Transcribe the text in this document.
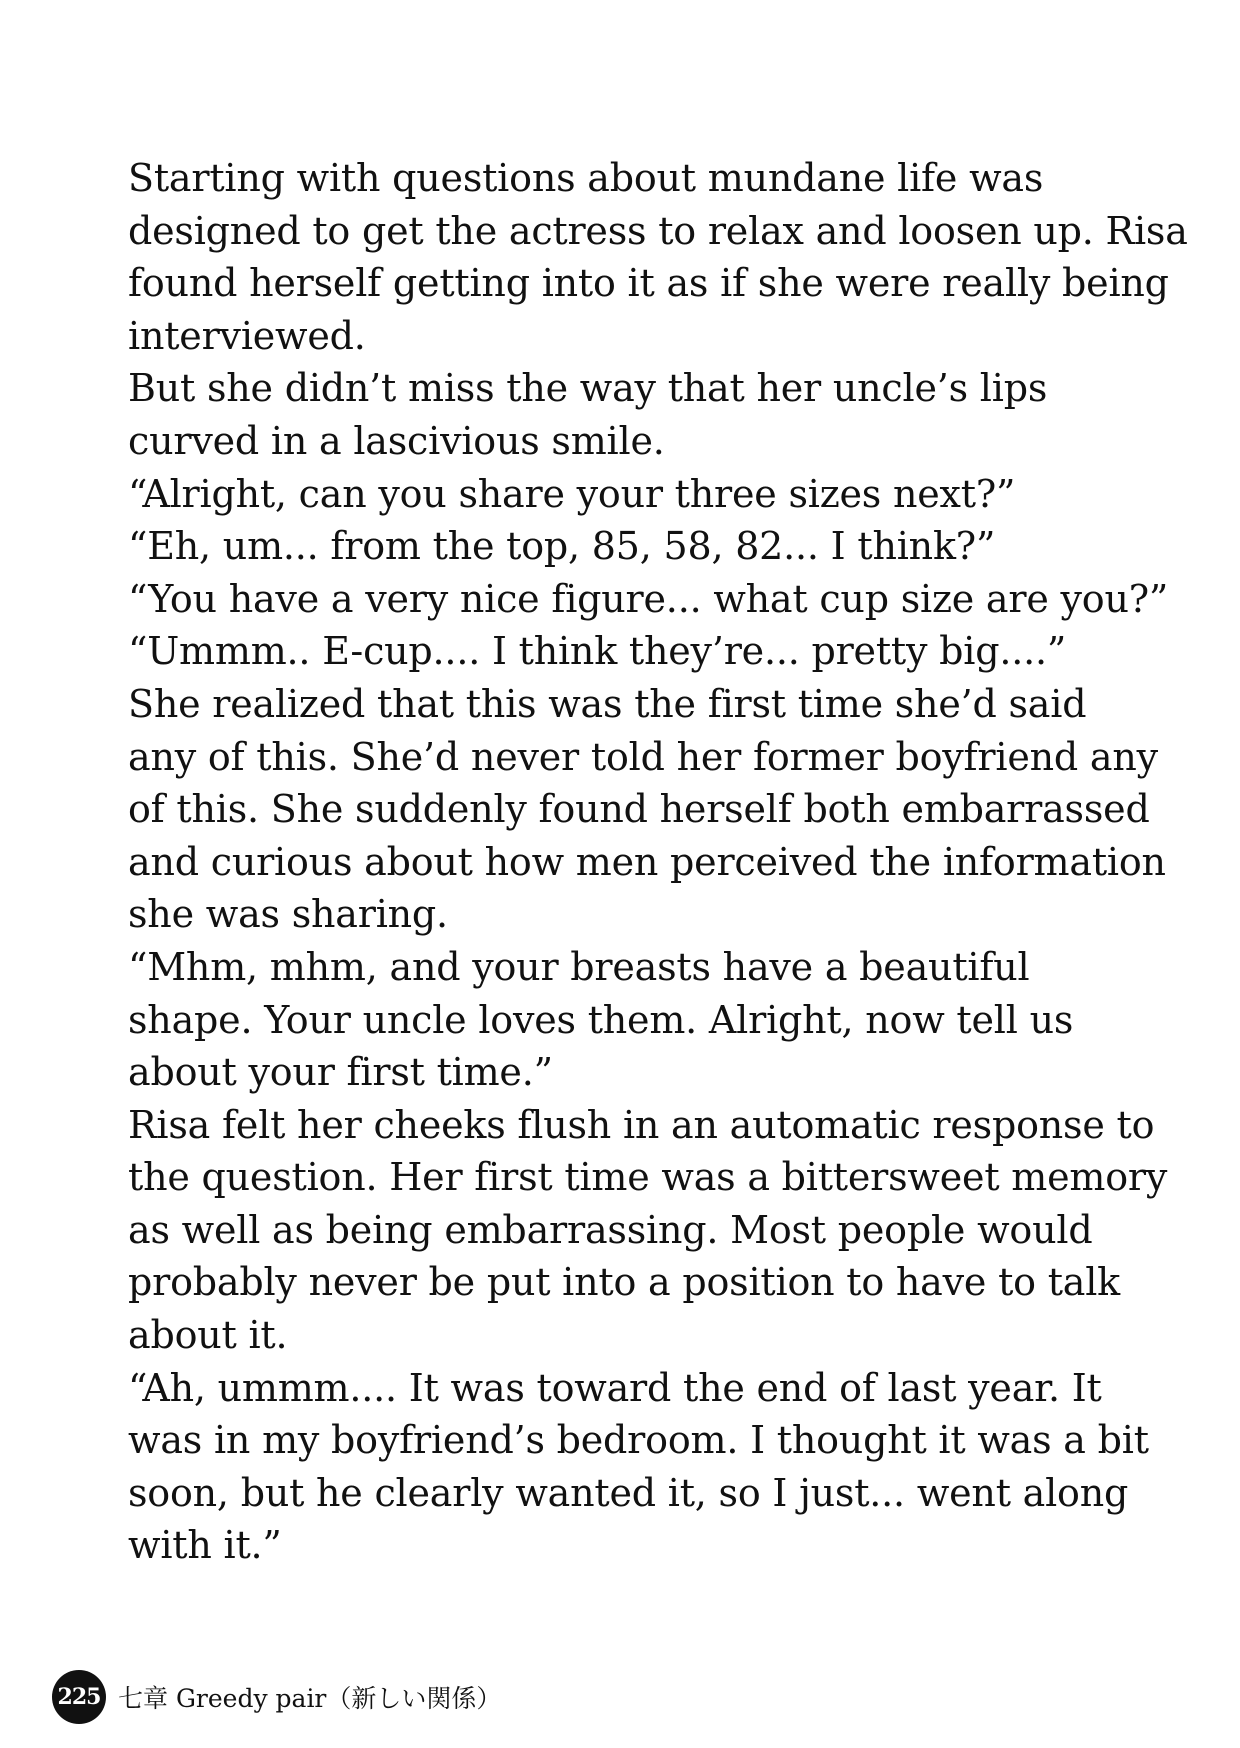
Starting with questions about mundane life was
designed to get the actress to relax and loosen up. Risa
found herself getting into it as if she were really being
interviewed.

But she didn’t miss the way that her uncle’s lips
curved in a lascivious smile.

“Alright, can you share your three sizes next?”

“Eh, um... from the top, 85, 58, 82... I think?”

“You have a very nice figure... what cup size are you?”

“Ummm.. E-cup.... I think they’re... pretty big....”

She realized that this was the first time she’d said
any of this. She’d never told her former boyfriend any
of this. She suddenly found herself both embarrassed
and curious about how men perceived the information
she was sharing.

“Mhm, mhm, and your breasts have a beautiful
shape. Your uncle loves them. Alright, now tell us
about your first time.”

Risa felt her cheeks flush in an automatic response to
the question. Her first time was a bittersweet memory
as well as being embarrassing. Most people would
probably never be put into a position to have to talk
about it.

“Ah, ummm.... It was toward the end of last year. It
was in my boyfriend’s bedroom. I thought it was a bit
soon, but he clearly wanted it, so I just... went along
with it.”

225 七章 Greedy pair（新しい関係）
